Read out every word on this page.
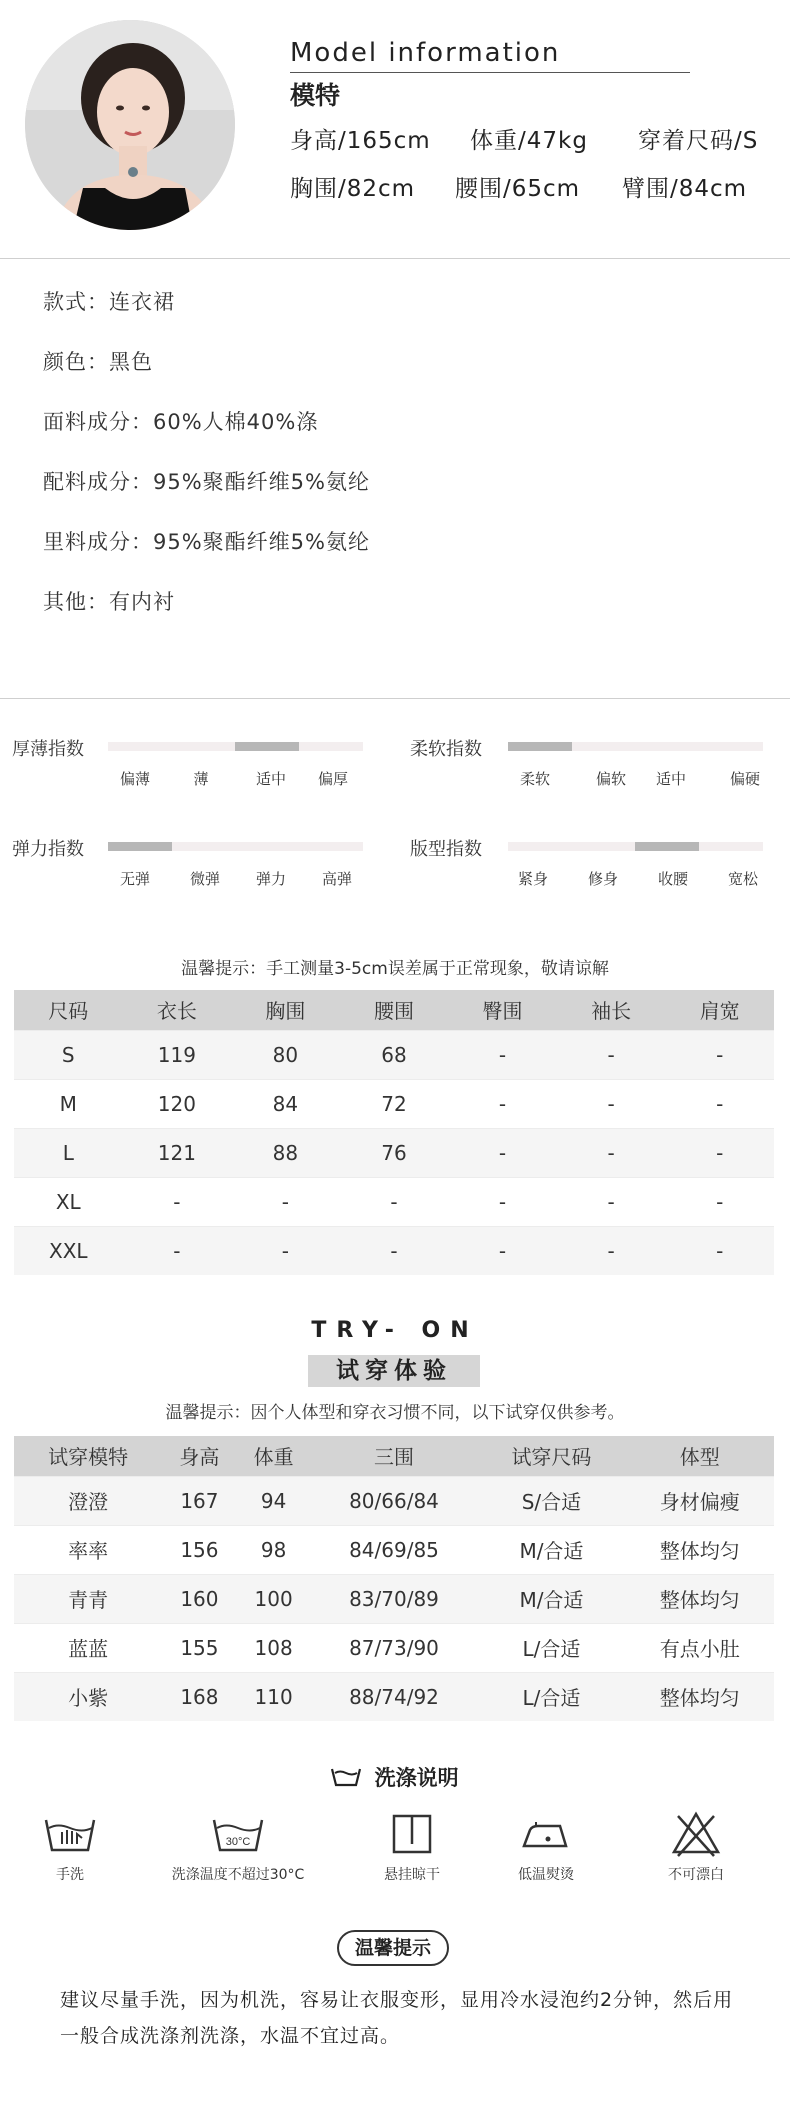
Model information
模特
身高/165cm 体重/47kg 穿着尺码/S
胸围/82cm 腰围/65cm 臂围/84cm
款式：连衣裙
颜色：黑色
面料成分：60%人棉40%涤
配料成分：95%聚酯纤维5%氨纶
里料成分：95%聚酯纤维5%氨纶
其他：有内衬
厚薄指数
偏薄	薄	适中	偏厚
柔软指数
柔软	偏软	适中	偏硬
弹力指数
无弹	微弹	弹力	高弹
版型指数
紧身	修身	收腰	宽松
温馨提示：手工测量3-5cm误差属于正常现象，敬请谅解
尺码	衣长	胸围	腰围	臀围	袖长	肩宽
S	119	80	68	-	-	-
M	120	84	72	-	-	-
L	121	88	76	-	-	-
XL	-	-	-	-	-	-
XXL	-	-	-	-	-	-
TRY- ON
试穿体验
温馨提示：因个人体型和穿衣习惯不同，以下试穿仅供参考。
试穿模特	身高	体重	三围	试穿尺码	体型
澄澄	167	94	80/66/84	S/合适	身材偏瘦
率率	156	98	84/69/85	M/合适	整体均匀
青青	160	100	83/70/89	M/合适	整体均匀
蓝蓝	155	108	87/73/90	L/合适	有点小肚
小紫	168	110	88/74/92	L/合适	整体均匀
洗涤说明
手洗
30°C
洗涤温度不超过30°C	悬挂晾干	低温熨烫	不可漂白
温馨提示
建议尽量手洗，因为机洗，容易让衣服变形，显用冷水浸泡约2分钟，然后用一般合成洗涤剂洗涤，水温不宜过高。
